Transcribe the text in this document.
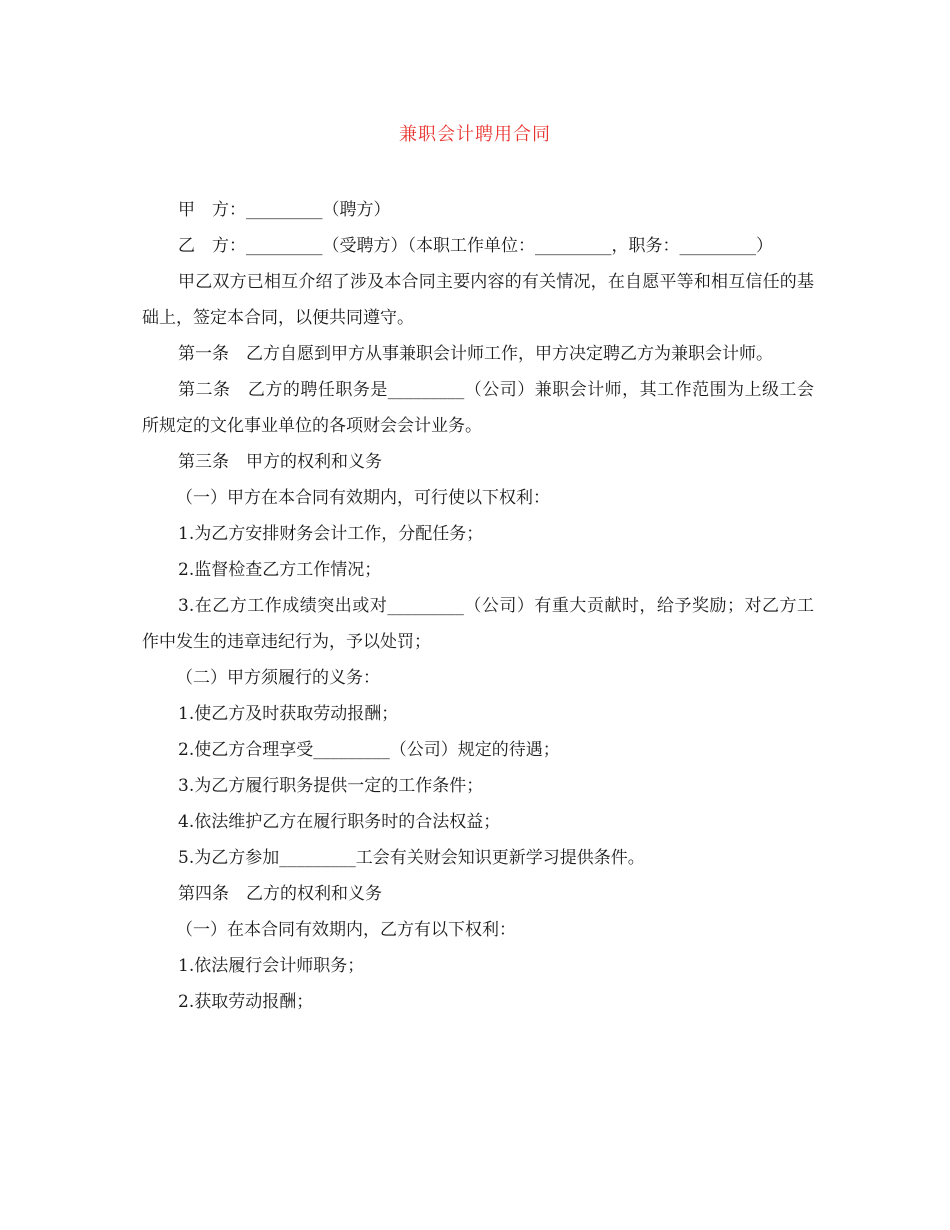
兼职会计聘用合同

甲　方：_________（聘方）

乙　方：_________（受聘方）（本职工作单位：_________，职务：_________）

甲乙双方已相互介绍了涉及本合同主要内容的有关情况，在自愿平等和相互信任的基础上，签定本合同，以便共同遵守。

第一条　乙方自愿到甲方从事兼职会计师工作，甲方决定聘乙方为兼职会计师。

第二条　乙方的聘任职务是_________（公司）兼职会计师，其工作范围为上级工会所规定的文化事业单位的各项财会会计业务。

第三条　甲方的权利和义务

（一）甲方在本合同有效期内，可行使以下权利：

1.为乙方安排财务会计工作，分配任务；

2.监督检查乙方工作情况；

3.在乙方工作成绩突出或对_________（公司）有重大贡献时，给予奖励；对乙方工作中发生的违章违纪行为，予以处罚；

（二）甲方须履行的义务：

1.使乙方及时获取劳动报酬；

2.使乙方合理享受_________（公司）规定的待遇；

3.为乙方履行职务提供一定的工作条件；

4.依法维护乙方在履行职务时的合法权益；

5.为乙方参加_________工会有关财会知识更新学习提供条件。

第四条　乙方的权利和义务

（一）在本合同有效期内，乙方有以下权利：

1.依法履行会计师职务；

2.获取劳动报酬；
